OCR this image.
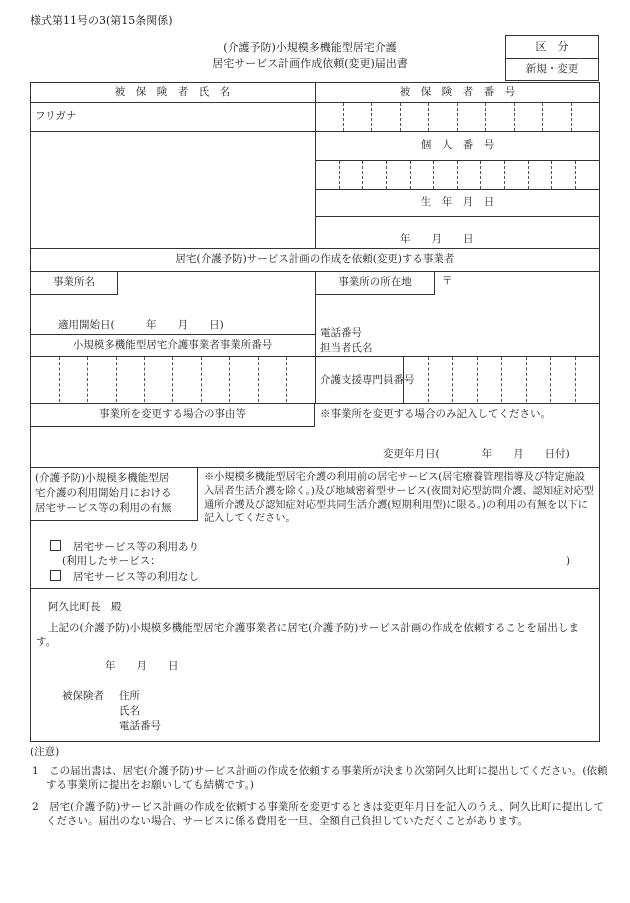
様式第11号の3(第15条関係)
(介護予防)小規模多機能型居宅介護
居宅サービス計画作成依頼(変更)届出書
区　分
新規・変更
被　保　険　者　氏　名	被　保　険　者　番　号
フリガナ
個　人　番　号
生　年　月　日
年　　月　　日
居宅(介護予防)サービス計画の作成を依頼(変更)する事業者
事業所名	事業所の所在地	〒
適用開始日(　　　年　　月　　日)
小規模多機能型居宅介護事業者事業所番号
電話番号
担当者氏名
介護支援専門員番号
事業所を変更する場合の事由等	※事業所を変更する場合のみ記入してください。
変更年月日(　　　　年　　月　　日付)
(介護予防)小規模多機能型居
宅介護の利用開始月における
居宅サービス等の利用の有無
※小規模多機能型居宅介護の利用前の居宅サービス(居宅療養管理指導及び特定施設入居者生活介護を除く。)及び地域密着型サービス(夜間対応型訪問介護、認知症対応型通所介護及び認知症対応型共同生活介護(短期利用型)に限る。)の利用の有無を以下に記入してください。
居宅サービス等の利用あり
(利用したサービス：	)
居宅サービス等の利用なし
阿久比町長　殿
上記の(介護予防)小規模多機能型居宅介護事業者に居宅(介護予防)サービス計画の作成を依頼することを届出します。
年　　月　　日
被保険者 住所
氏名
電話番号
(注意)
1　この届出書は、居宅(介護予防)サービス計画の作成を依頼する事業所が決まり次第阿久比町に提出してください。(依頼する事業所に提出をお願いしても結構です。)
2　居宅(介護予防)サービス計画の作成を依頼する事業所を変更するときは変更年月日を記入のうえ、阿久比町に提出してください。届出のない場合、サービスに係る費用を一旦、全額自己負担していただくことがあります。
